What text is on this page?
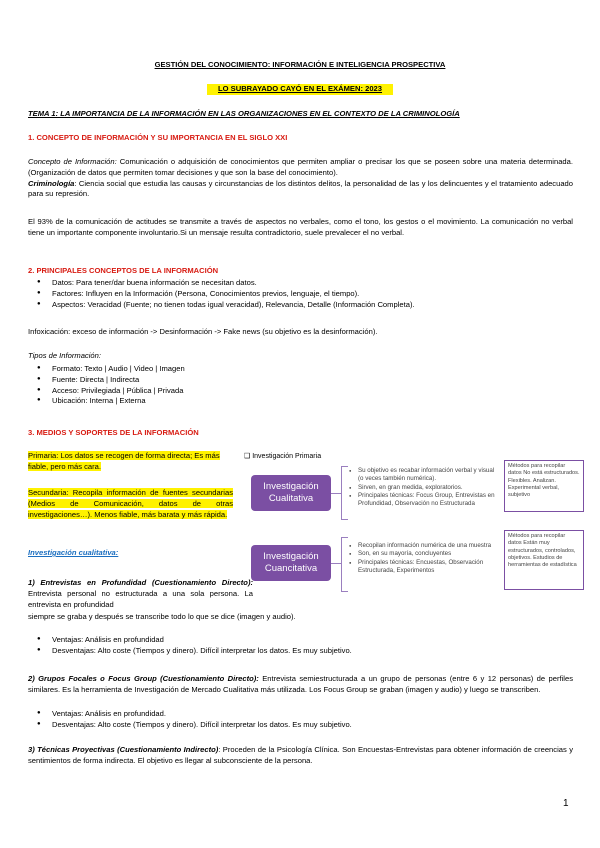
GESTIÓN DEL CONOCIMIENTO: INFORMACIÓN E INTELIGENCIA PROSPECTIVA
LO SUBRAYADO CAYÓ EN EL EXÁMEN: 2023
TEMA 1: LA IMPORTANCIA DE LA INFORMACIÓN EN LAS ORGANIZACIONES EN EL CONTEXTO DE LA CRIMINOLOGÍA
1. CONCEPTO DE INFORMACIÓN Y SU IMPORTANCIA EN EL SIGLO XXI
Concepto de Información: Comunicación o adquisición de conocimientos que permiten ampliar o precisar los que se poseen sobre una materia determinada. (Organización de datos que permiten tomar decisiones y que son la base del conocimiento).
Criminología: Ciencia social que estudia las causas y circunstancias de los distintos delitos, la personalidad de las y los delincuentes y el tratamiento adecuado para su represión.
El 93% de la comunicación de actitudes se transmite a través de aspectos no verbales, como el tono, los gestos o el movimiento. La comunicación no verbal tiene un importante componente involuntario.Si un mensaje resulta contradictorio, suele prevalecer el no verbal.
2. PRINCIPALES CONCEPTOS DE LA INFORMACIÓN
● Datos: Para tener/dar buena información se necesitan datos.
● Factores: Influyen en la Información (Persona, Conocimientos previos, lenguaje, el tiempo).
● Aspectos: Veracidad (Fuente; no tienen todas igual veracidad), Relevancia, Detalle (Información Completa).
Infoxicación: exceso de información -> Desinformación -> Fake news (su objetivo es la desinformación).
Tipos de Información:
● Formato: Texto | Audio | Video | Imagen
● Fuente: Directa | Indirecta
● Acceso: Privilegiada | Pública | Privada
● Ubicación: Interna | Externa
3. MEDIOS Y SOPORTES DE LA INFORMACIÓN
Primaria: Los datos se recogen de forma directa; Es más fiable, pero más cara.
Secundaria: Recopila información de fuentes secundarias (Medios de Comunicación, datos de otras investigaciones…). Menos fiable, más barata y más rápida.
❑ Investigación Primaria
Investigación Cualitativa
● Su objetivo es recabar información verbal y visual (o veces también numérica).
● Sirven, en gran medida, exploratorios.
● Principales técnicas: Focus Group, Entrevistas en Profundidad, Observación no Estructurada
Métodos para recopilar datos No está estructurados. Flexibles. Analizan. Experimental verbal, subjetivo
Investigación Cuancitativa
● Recopilan información numérica de una muestra
● Son, en su mayoría, concluyentes
● Principales técnicas: Encuestas, Observación Estructurada, Experimentos
Métodos para recopilar datos Están muy estructurados, controlados, objetivos. Estudios de herramientas de estadística
Investigación cualitativa:
1) Entrevistas en Profundidad (Cuestionamiento Directo): Entrevista personal no estructurada a una sola persona. La entrevista en profundidad
siempre se graba y después se transcribe todo lo que se dice (imagen y audio).
● Ventajas: Análisis en profundidad
● Desventajas: Alto coste (Tiempos y dinero). Difícil interpretar los datos. Es muy subjetivo.
2) Grupos Focales o Focus Group (Cuestionamiento Directo): Entrevista semiestructurada a un grupo de personas (entre 6 y 12 personas) de perfiles similares. Es la herramienta de Investigación de Mercado Cualitativa más utilizada. Los Focus Group se graban (imagen y audio) y luego se transcriben.
● Ventajas: Análisis en profundidad.
● Desventajas: Alto coste (Tiempos y dinero). Difícil interpretar los datos. Es muy subjetivo.
3) Técnicas Proyectivas (Cuestionamiento Indirecto): Proceden de la Psicología Clínica. Son Encuestas-Entrevistas para obtener información de creencias y sentimientos de forma indirecta. El objetivo es llegar al subconsciente de la persona.
1
